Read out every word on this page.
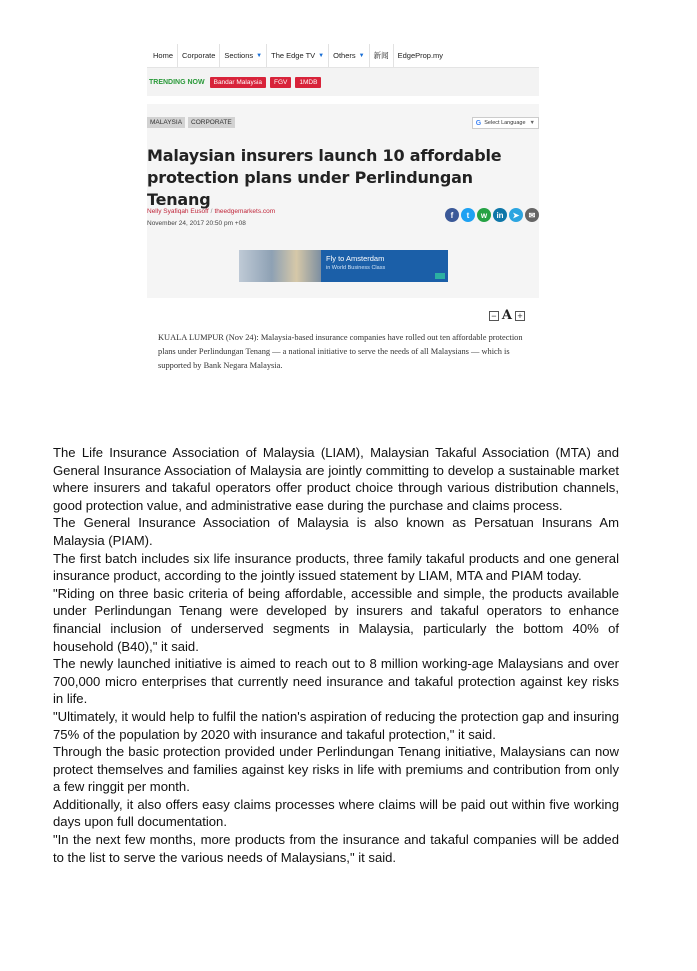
Home Corporate Sections ▼ The Edge TV ▼ Others ▼ 新闻 EdgeProp.my
TRENDING NOW	Bandar Malaysia	FGV	1MDB
MALAYSIA	CORPORATE	G Select Language ▼
Malaysian insurers launch 10 affordable protection plans under Perlindungan Tenang
Nelly Syafiqah Eusoff / theedgemarkets.com
November 24, 2017 20:50 pm +08
f	t	w	in	➤	✉
Fly to Amsterdam
in World Business Class
− A +

KUALA LUMPUR (Nov 24): Malaysia-based insurance companies have rolled out ten affordable protection plans under Perlindungan Tenang — a national initiative to serve the needs of all Malaysians — which is supported by Bank Negara Malaysia.

The Life Insurance Association of Malaysia (LIAM), Malaysian Takaful Association (MTA) and General Insurance Association of Malaysia are jointly committing to develop a sustainable market where insurers and takaful operators offer product choice through various distribution channels, good protection value, and administrative ease during the purchase and claims process.

The General Insurance Association of Malaysia is also known as Persatuan Insurans Am Malaysia (PIAM).

The first batch includes six life insurance products, three family takaful products and one general insurance product, according to the jointly issued statement by LIAM, MTA and PIAM today.

"Riding on three basic criteria of being affordable, accessible and simple, the products available under Perlindungan Tenang were developed by insurers and takaful operators to enhance financial inclusion of underserved segments in Malaysia, particularly the bottom 40% of household (B40)," it said.

The newly launched initiative is aimed to reach out to 8 million working-age Malaysians and over 700,000 micro enterprises that currently need insurance and takaful protection against key risks in life.

"Ultimately, it would help to fulfil the nation's aspiration of reducing the protection gap and insuring 75% of the population by 2020 with insurance and takaful protection," it said.

Through the basic protection provided under Perlindungan Tenang initiative, Malaysians can now protect themselves and families against key risks in life with premiums and contribution from only a few ringgit per month.

Additionally, it also offers easy claims processes where claims will be paid out within five working days upon full documentation.

"In the next few months, more products from the insurance and takaful companies will be added to the list to serve the various needs of Malaysians," it said.
